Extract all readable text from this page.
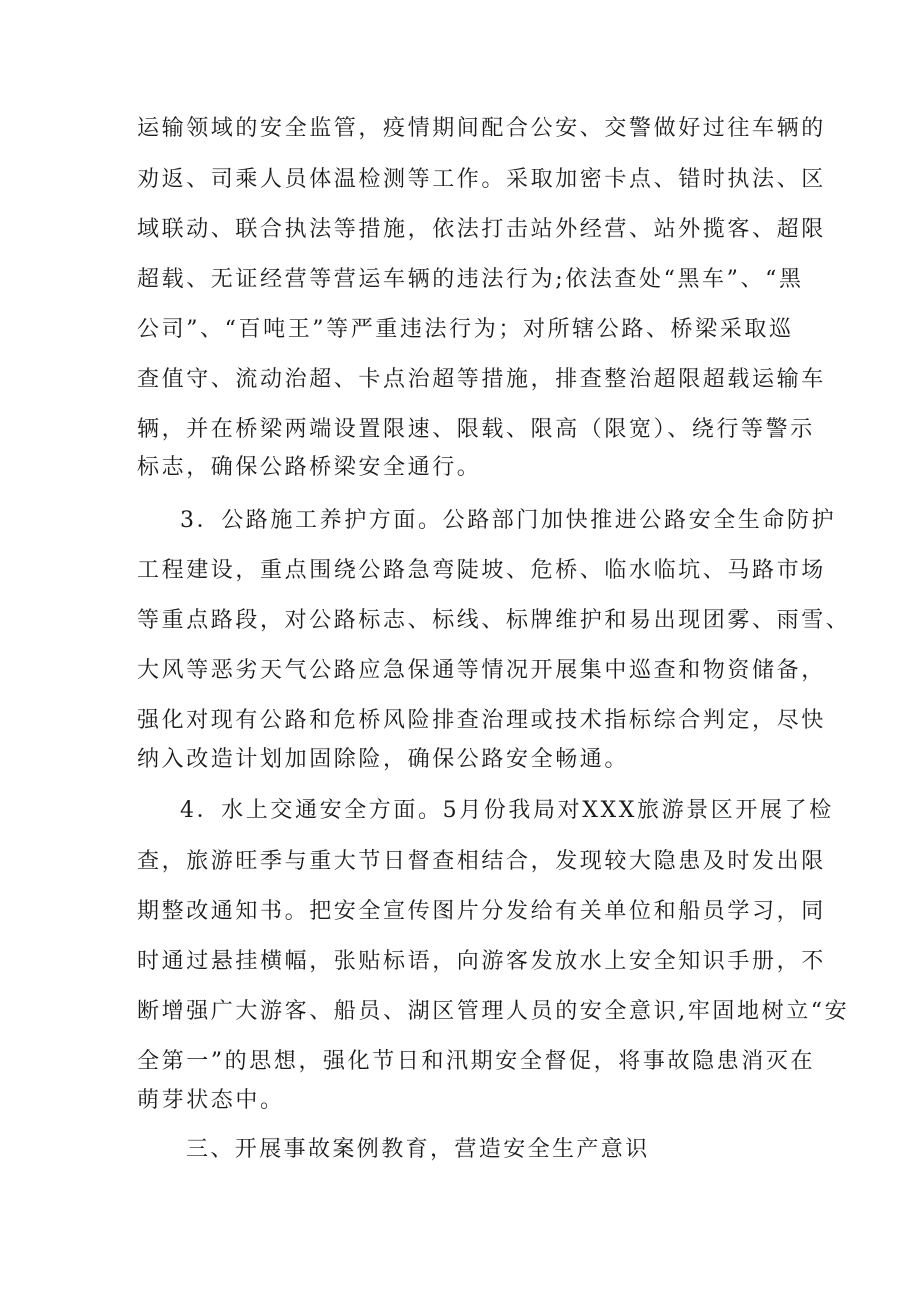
运输领域的安全监管，疫情期间配合公安、交警做好过往车辆的
劝返、司乘人员体温检测等工作。采取加密卡点、错时执法、区
域联动、联合执法等措施，依法打击站外经营、站外揽客、超限
超载、无证经营等营运车辆的违法行为;依法查处“黑车”、“黑
公司”、“百吨王”等严重违法行为；对所辖公路、桥梁采取巡
查值守、流动治超、卡点治超等措施，排查整治超限超载运输车
辆，并在桥梁两端设置限速、限载、限高（限宽）、绕行等警示
标志，确保公路桥梁安全通行。
3．公路施工养护方面。公路部门加快推进公路安全生命防护
工程建设，重点围绕公路急弯陡坡、危桥、临水临坑、马路市场
等重点路段，对公路标志、标线、标牌维护和易出现团雾、雨雪、
大风等恶劣天气公路应急保通等情况开展集中巡查和物资储备，
强化对现有公路和危桥风险排查治理或技术指标综合判定，尽快
纳入改造计划加固除险，确保公路安全畅通。
4．水上交通安全方面。5月份我局对XXX旅游景区开展了检
查，旅游旺季与重大节日督查相结合，发现较大隐患及时发出限
期整改通知书。把安全宣传图片分发给有关单位和船员学习，同
时通过悬挂横幅，张贴标语，向游客发放水上安全知识手册，不
断增强广大游客、船员、湖区管理人员的安全意识,牢固地树立“安
全第一”的思想，强化节日和汛期安全督促，将事故隐患消灭在
萌芽状态中。
三、开展事故案例教育，营造安全生产意识
